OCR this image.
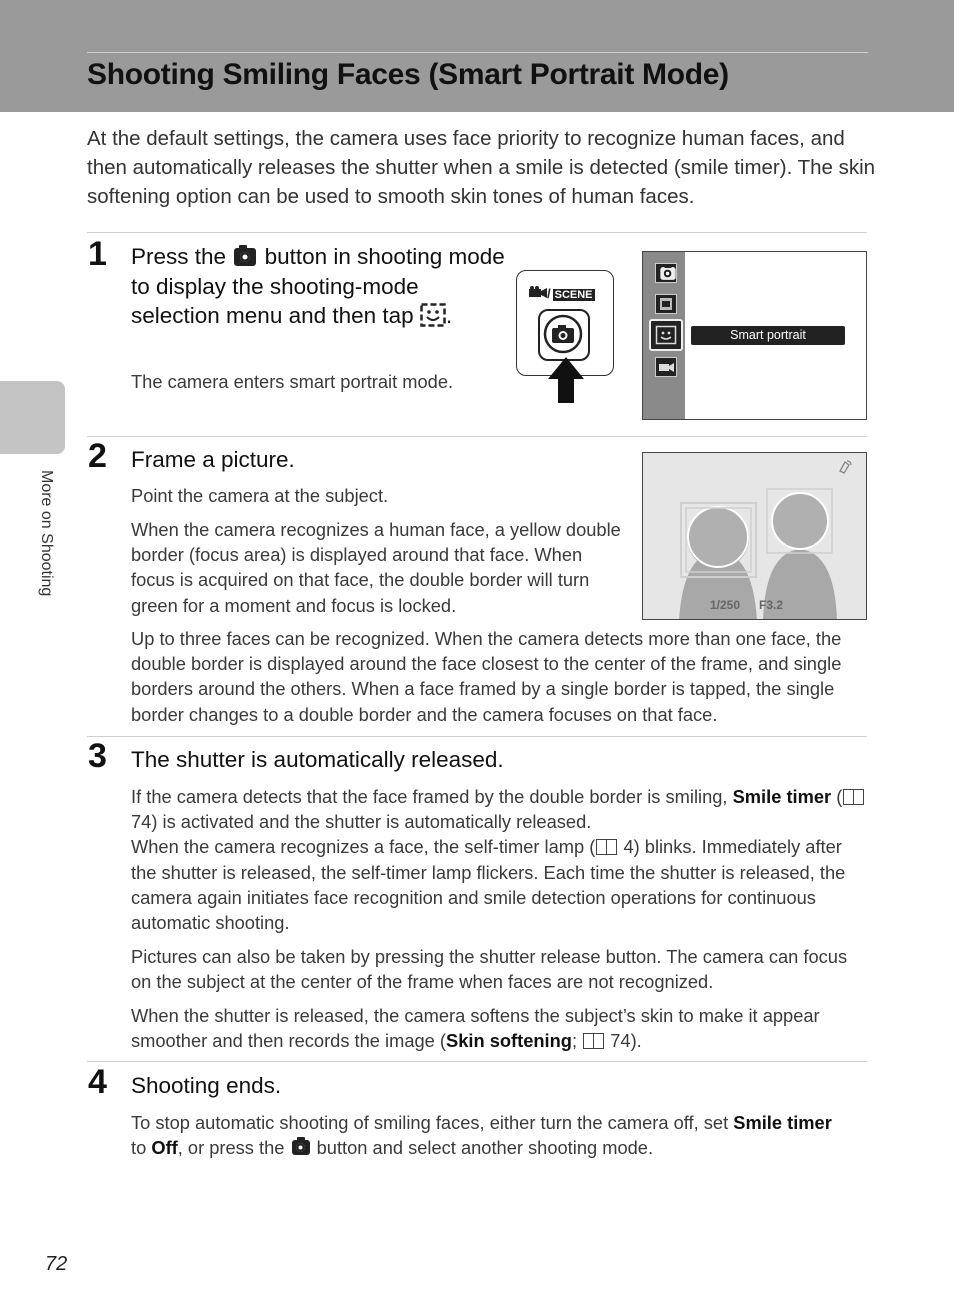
Shooting Smiling Faces (Smart Portrait Mode)

At the default settings, the camera uses face priority to recognize human faces, and then automatically releases the shutter when a smile is detected (smile timer). The skin softening option can be used to smooth skin tones of human faces.

More on Shooting
1 Press the button in shooting mode to display the shooting-mode selection menu and then tap .

The camera enters smart portrait mode.

/ SCENE
Smart portrait
2 Frame a picture.

Point the camera at the subject.

When the camera recognizes a human face, a yellow double border (focus area) is displayed around that face. When focus is acquired on that face, the double border will turn green for a moment and focus is locked.

Up to three faces can be recognized. When the camera detects more than one face, the double border is displayed around the face closest to the center of the frame, and single borders around the others. When a face framed by a single border is tapped, the single border changes to a double border and the camera focuses on that face.

1/250 F3.2
3 The shutter is automatically released.

If the camera detects that the face framed by the double border is smiling, Smile timer ( 74) is activated and the shutter is automatically released.
When the camera recognizes a face, the self-timer lamp ( 4) blinks. Immediately after the shutter is released, the self-timer lamp flickers. Each time the shutter is released, the camera again initiates face recognition and smile detection operations for continuous automatic shooting.

Pictures can also be taken by pressing the shutter release button. The camera can focus on the subject at the center of the frame when faces are not recognized.

When the shutter is released, the camera softens the subject’s skin to make it appear smoother and then records the image (Skin softening; 74).

4 Shooting ends.

To stop automatic shooting of smiling faces, either turn the camera off, set Smile timer
to Off, or press the button and select another shooting mode.

72
